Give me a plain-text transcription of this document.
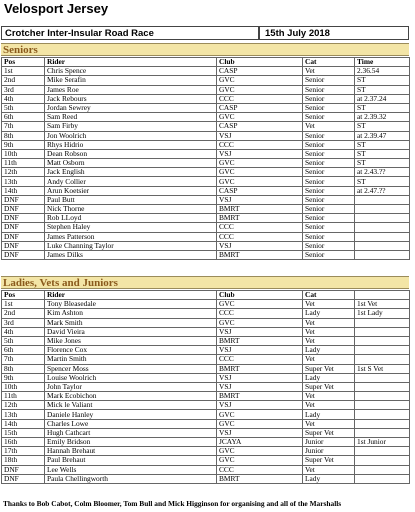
Velosport Jersey
Crotcher Inter-Insular Road Race	15th July 2018
Seniors
Pos	Rider	Club	Cat	Time
1st	Chris Spence	CASP	Vet	2.36.54
2nd	Mike Serafin	GVC	Senior	ST
3rd	James Roe	GVC	Senior	ST
4th	Jack Rebours	CCC	Senior	at 2.37.24
5th	Jordan Sewrey	CASP	Senior	ST
6th	Sam Reed	GVC	Senior	at 2.39.32
7th	Sam Firby	CASP	Vet	ST
8th	Jon Woolrich	VSJ	Senior	at 2.39.47
9th	Rhys Hidrio	CCC	Senior	ST
10th	Dean Robson	VSJ	Senior	ST
11th	Matt Osborn	GVC	Senior	ST
12th	Jack English	GVC	Senior	at 2.43.??
13th	Andy Collier	GVC	Senior	ST
14th	Arun Koetsier	CASP	Senior	at 2.47.??
DNF	Paul Butt	VSJ	Senior	
DNF	Nick Thorne	BMRT	Senior	
DNF	Rob LLoyd	BMRT	Senior	
DNF	Stephen Haley	CCC	Senior	
DNF	James Patterson	CCC	Senior	
DNF	Luke Channing Taylor	VSJ	Senior	
DNF	James Dilks	BMRT	Senior	
Ladies, Vets and Juniors
Pos	Rider	Club	Cat	
1st	Tony Bleasedale	GVC	Vet	1st Vet
2nd	Kim Ashton	CCC	Lady	1st Lady
3rd	Mark Smith	GVC	Vet	
4th	David Vieira	VSJ	Vet	
5th	Mike Jones	BMRT	Vet	
6th	Florence Cox	VSJ	Lady	
7th	Martin Smith	CCC	Vet	
8th	Spencer Moss	BMRT	Super Vet	1st S Vet
9th	Louise Woolrich	VSJ	Lady	
10th	John Taylor	VSJ	Super Vet	
11th	Mark Ecobichon	BMRT	Vet	
12th	Mick le Valiant	VSJ	Vet	
13th	Daniele Hanley	GVC	Lady	
14th	Charles Lowe	GVC	Vet	
15th	Hugh Cathcart	VSJ	Super Vet	
16th	Emily Bridson	JCAYA	Junior	1st Junior
17th	Hannah Brehaut	GVC	Junior	
18th	Paul Brehaut	GVC	Super Vet	
DNF	Lee Wells	CCC	Vet	
DNF	Paula Chellingworth	BMRT	Lady	
Thanks to Bob Cabot, Colm Bloomer, Tom Bull and Mick Higginson for organising and all of the Marshalls
